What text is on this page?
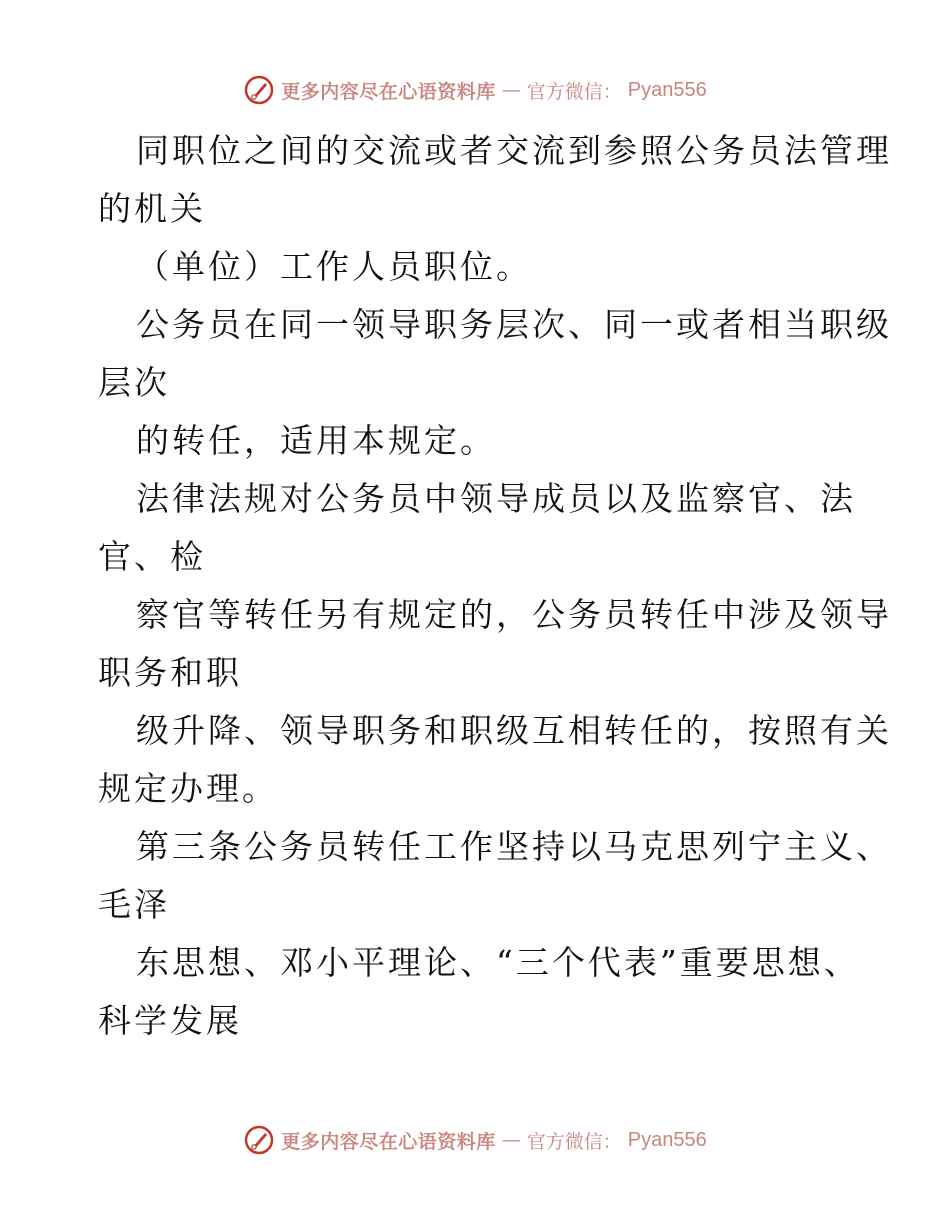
更多内容尽在心语资料库 — 官方微信： Pyan556
同职位之间的交流或者交流到参照公务员法管理
的机关
（单位）工作人员职位。
公务员在同一领导职务层次、同一或者相当职级
层次
的转任，适用本规定。
法律法规对公务员中领导成员以及监察官、法
官、检
察官等转任另有规定的，公务员转任中涉及领导
职务和职
级升降、领导职务和职级互相转任的，按照有关
规定办理。
第三条公务员转任工作坚持以马克思列宁主义、
毛泽
东思想、邓小平理论、“三个代表”重要思想、
科学发展
更多内容尽在心语资料库 — 官方微信： Pyan556
